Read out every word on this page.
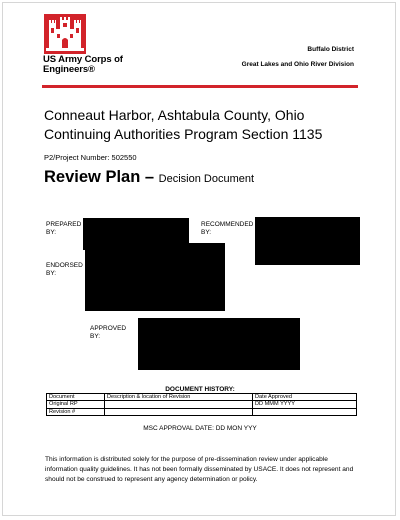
US Army Corps of Engineers®
Buffalo District
Great Lakes and Ohio River Division
Conneaut Harbor, Ashtabula County, Ohio
Continuing Authorities Program Section 1135
P2/Project Number: 502550
Review Plan – Decision Document
PREPARED BY:
RECOMMENDED BY:
ENDORSED BY:
APPROVED BY:
DOCUMENT HISTORY:
Document	Description & location of Revision	Date Approved
Original RP		DD MMM YYYY
Revision #		
MSC APPROVAL DATE: DD MON YYY
This information is distributed solely for the purpose of pre-dissemination review under applicable information quality guidelines. It has not been formally disseminated by USACE. It does not represent and should not be construed to represent any agency determination or policy.
